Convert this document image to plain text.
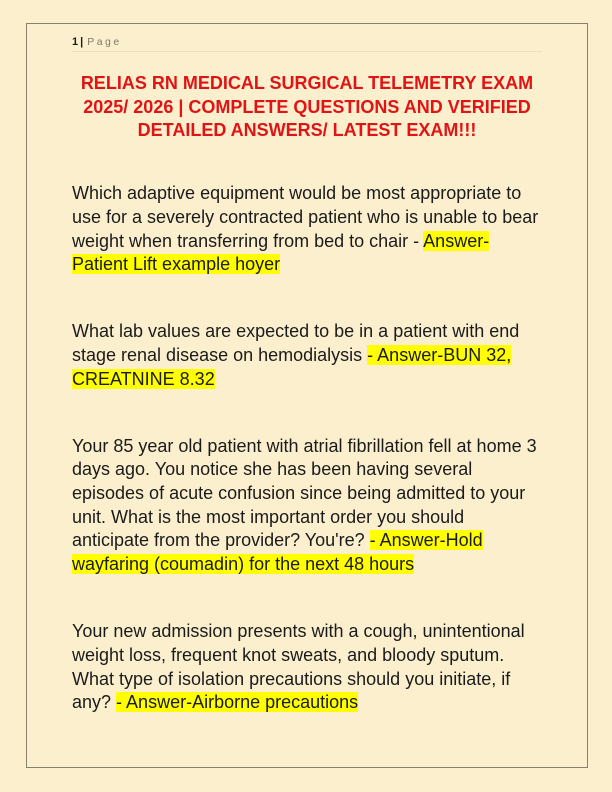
1 | Page
RELIAS RN MEDICAL SURGICAL TELEMETRY EXAM 2025/ 2026 | COMPLETE QUESTIONS AND VERIFIED DETAILED ANSWERS/ LATEST EXAM!!!

Which adaptive equipment would be most appropriate to use for a severely contracted patient who is unable to bear weight when transferring from bed to chair - Answer-Patient Lift example hoyer

What lab values are expected to be in a patient with end stage renal disease on hemodialysis - Answer-BUN 32, CREATNINE 8.32

Your 85 year old patient with atrial fibrillation fell at home 3 days ago. You notice she has been having several episodes of acute confusion since being admitted to your unit. What is the most important order you should anticipate from the provider? You're? - Answer-Hold wayfaring (coumadin) for the next 48 hours

Your new admission presents with a cough, unintentional weight loss, frequent knot sweats, and bloody sputum. What type of isolation precautions should you initiate, if any? - Answer-Airborne precautions
